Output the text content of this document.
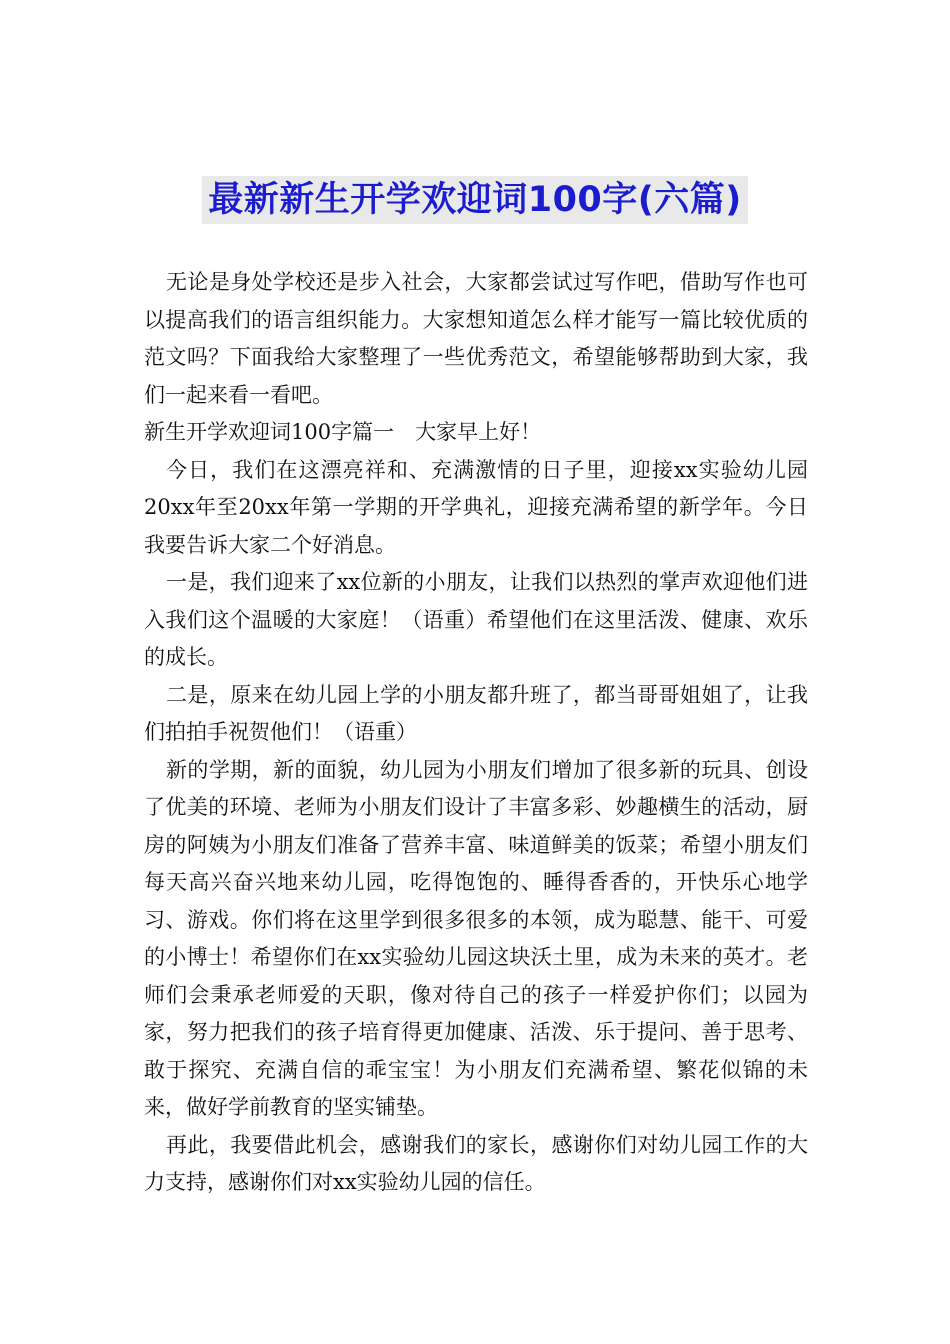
最新新生开学欢迎词100字(六篇)

无论是身处学校还是步入社会，大家都尝试过写作吧，借助写作也可以提高我们的语言组织能力。大家想知道怎么样才能写一篇比较优质的范文吗？下面我给大家整理了一些优秀范文，希望能够帮助到大家，我们一起来看一看吧。

新生开学欢迎词100字篇一　大家早上好！

今日，我们在这漂亮祥和、充满激情的日子里，迎接xx实验幼儿园20xx年至20xx年第一学期的开学典礼，迎接充满希望的新学年。今日我要告诉大家二个好消息。

一是，我们迎来了xx位新的小朋友，让我们以热烈的掌声欢迎他们进入我们这个温暖的大家庭！（语重）希望他们在这里活泼、健康、欢乐的成长。

二是，原来在幼儿园上学的小朋友都升班了，都当哥哥姐姐了，让我们拍拍手祝贺他们！（语重）

新的学期，新的面貌，幼儿园为小朋友们增加了很多新的玩具、创设了优美的环境、老师为小朋友们设计了丰富多彩、妙趣横生的活动，厨房的阿姨为小朋友们准备了营养丰富、味道鲜美的饭菜；希望小朋友们每天高兴奋兴地来幼儿园，吃得饱饱的、睡得香香的，开快乐心地学习、游戏。你们将在这里学到很多很多的本领，成为聪慧、能干、可爱的小博士！希望你们在xx实验幼儿园这块沃土里，成为未来的英才。老师们会秉承老师爱的天职，像对待自己的孩子一样爱护你们；以园为家，努力把我们的孩子培育得更加健康、活泼、乐于提问、善于思考、敢于探究、充满自信的乖宝宝！为小朋友们充满希望、繁花似锦的未来，做好学前教育的坚实铺垫。

再此，我要借此机会，感谢我们的家长，感谢你们对幼儿园工作的大力支持，感谢你们对xx实验幼儿园的信任。
